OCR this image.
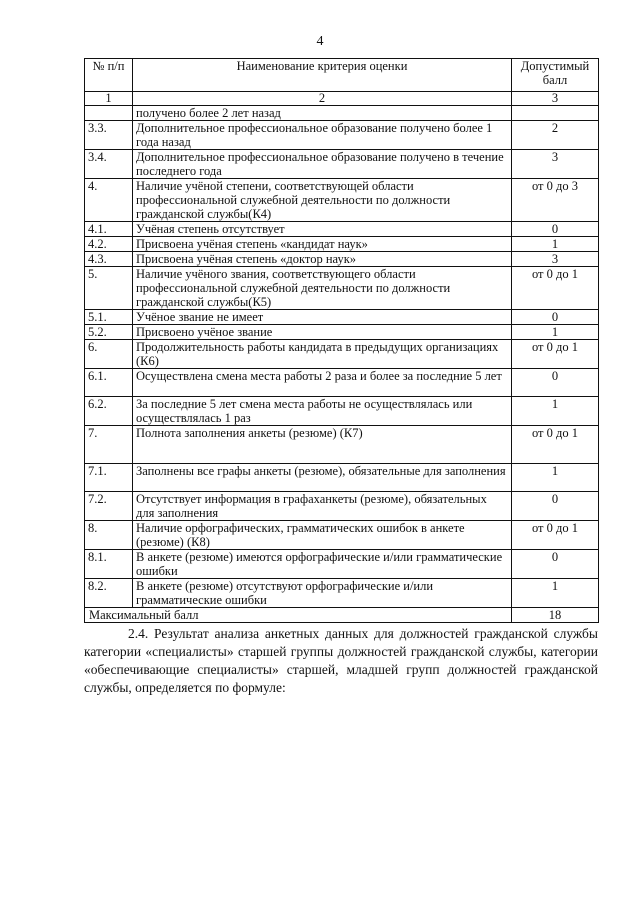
4
№ п/п	Наименование критерия оценки	Допустимый балл
1	2	3
	получено более 2 лет назад	
3.3.	Дополнительное профессиональное образование получено более 1 года назад	2
3.4.	Дополнительное профессиональное образование получено в течение последнего года	3
4.	Наличие учёной степени, соответствующей области профессиональной служебной деятельности по должности гражданской службы(К4)	от 0 до 3
4.1.	Учёная степень отсутствует	0
4.2.	Присвоена учёная степень «кандидат наук»	1
4.3.	Присвоена учёная степень «доктор наук»	3
5.	Наличие учёного звания, соответствующего области профессиональной служебной деятельности по должности гражданской службы(К5)	от 0 до 1
5.1.	Учёное звание не имеет	0
5.2.	Присвоено учёное звание	1
6.	Продолжительность работы кандидата в предыдущих организациях (К6)	от 0 до 1
6.1.	Осуществлена смена места работы 2 раза и более за последние 5 лет	0
6.2.	За последние 5 лет смена места работы не осуществлялась или осуществлялась 1 раз	1
7.	Полнота заполнения анкеты (резюме) (К7)	от 0 до 1
7.1.	Заполнены все графы анкеты (резюме), обязательные для заполнения	1
7.2.	Отсутствует информация в графаханкеты (резюме), обязательных для заполнения	0
8.	Наличие орфографических, грамматических ошибок в анкете (резюме) (К8)	от 0 до 1
8.1.	В анкете (резюме) имеются орфографические и/или грамматические ошибки	0
8.2.	В анкете (резюме) отсутствуют орфографические и/или грамматические ошибки	1
Максимальный балл		18
2.4. Результат анализа анкетных данных для должностей гражданской службы категории «специалисты» старшей группы должностей гражданской службы, категории «обеспечивающие специалисты» старшей, младшей групп должностей гражданской службы, определяется по формуле:
